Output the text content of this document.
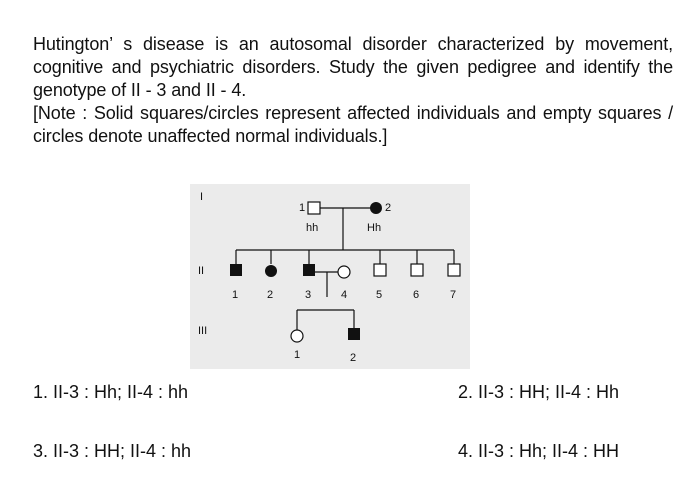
Hutington’ s disease is an autosomal disorder characterized by movement, cognitive and psychiatric disorders. Study the given pedigree and identify the genotype of II - 3 and II - 4.

[Note : Solid squares/circles represent affected individuals and empty squares / circles denote unaffected normal individuals.]

I
II
III
1
hh
2
Hh
1	2	3	4	5	6	7
1	2
1. II-3 : Hh; II-4 : hh	2. II-3 : HH; II-4 : Hh
3. II-3 : HH; II-4 : hh	4. II-3 : Hh; II-4 : HH
